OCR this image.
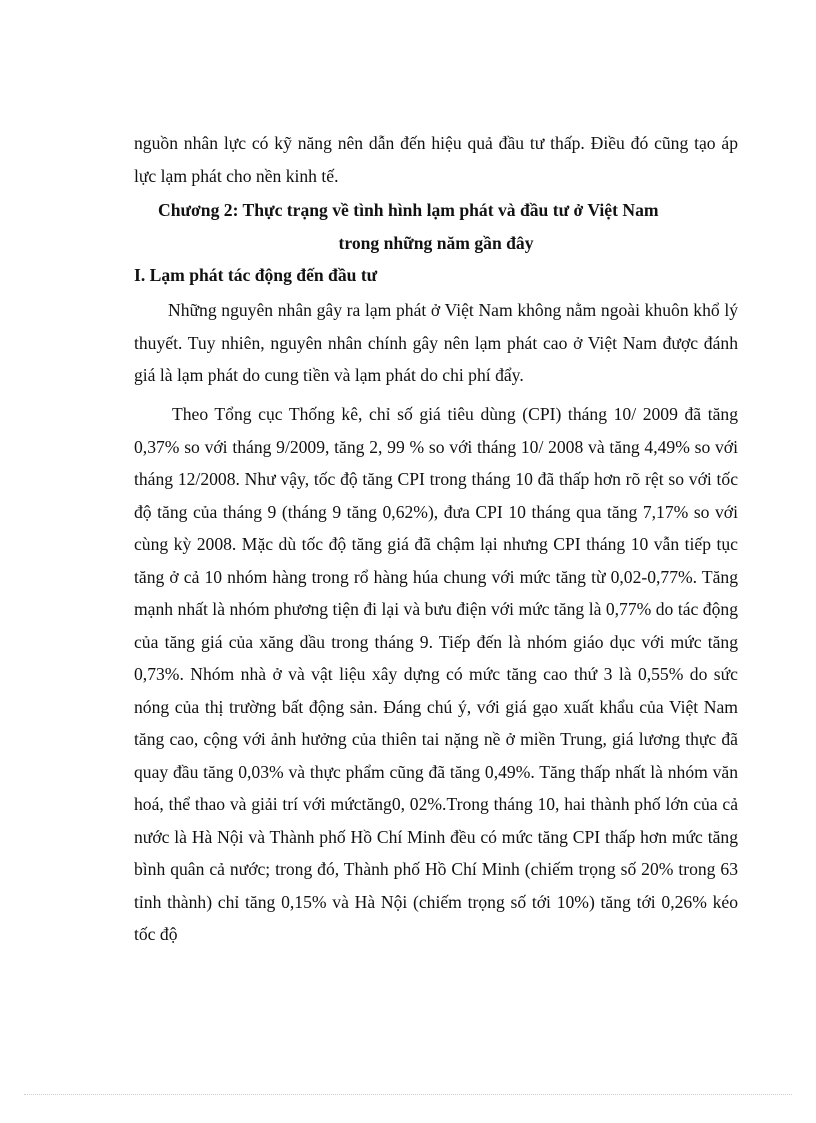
nguồn nhân lực có kỹ năng nên dẫn đến hiệu quả đầu tư thấp. Điều đó cũng tạo áp lực lạm phát cho nền kinh tế.
Chương 2: Thực trạng về tình hình lạm phát và đầu tư ở Việt Nam
trong những năm gần đây
I. Lạm phát tác động đến đầu tư
Những nguyên nhân gây ra lạm phát ở Việt Nam không nằm ngoài khuôn khổ lý thuyết. Tuy nhiên, nguyên nhân chính gây nên lạm phát cao ở Việt Nam được đánh giá là lạm phát do cung tiền và lạm phát do chi phí đẩy.
Theo Tổng cục Thống kê, chỉ số giá tiêu dùng (CPI) tháng 10/ 2009 đã tăng 0,37% so với tháng 9/2009, tăng 2, 99 % so với tháng 10/ 2008 và tăng 4,49% so với tháng 12/2008. Như vậy, tốc độ tăng CPI trong tháng 10 đã thấp hơn rõ rệt so với tốc độ tăng của tháng 9 (tháng 9 tăng 0,62%), đưa CPI 10 tháng qua tăng 7,17% so với cùng kỳ 2008. Mặc dù tốc độ tăng giá đã chậm lại nhưng CPI tháng 10 vẫn tiếp tục tăng ở cả 10 nhóm hàng trong rổ hàng húa chung với mức tăng từ 0,02-0,77%. Tăng mạnh nhất là nhóm phương tiện đi lại và bưu điện với mức tăng là 0,77% do tác động của tăng giá của xăng dầu trong tháng 9. Tiếp đến là nhóm giáo dục với mức tăng 0,73%. Nhóm nhà ở và vật liệu xây dựng có mức tăng cao thứ 3 là 0,55% do sức nóng của thị trường bất động sản. Đáng chú ý, với giá gạo xuất khẩu của Việt Nam tăng cao, cộng với ảnh hưởng của thiên tai nặng nề ở miền Trung, giá lương thực đã quay đầu tăng 0,03% và thực phẩm cũng đã tăng 0,49%. Tăng thấp nhất là nhóm văn hoá, thể thao và giải trí với mứctăng0, 02%.Trong tháng 10, hai thành phố lớn của cả nước là Hà Nội và Thành phố Hồ Chí Minh đều có mức tăng CPI thấp hơn mức tăng bình quân cả nước; trong đó, Thành phố Hồ Chí Minh (chiếm trọng số 20% trong 63 tỉnh thành) chỉ tăng 0,15% và Hà Nội (chiếm trọng số tới 10%) tăng tới 0,26% kéo tốc độ
